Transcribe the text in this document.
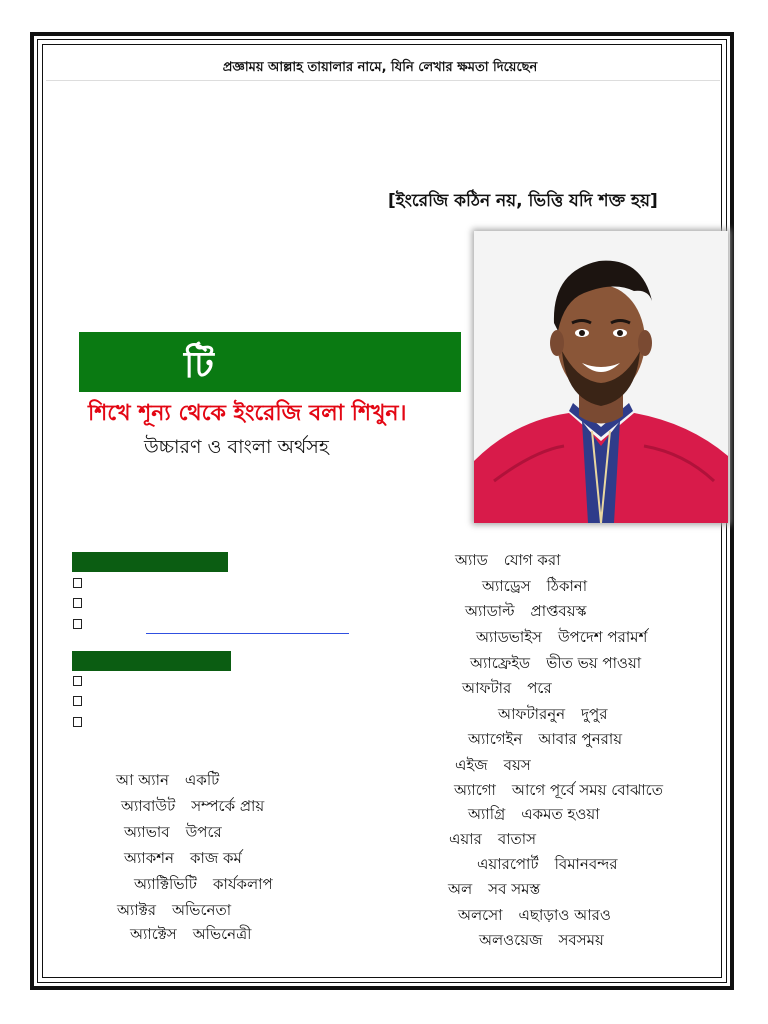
প্রজ্ঞাময় আল্লাহ তায়ালার নামে, যিনি লেখার ক্ষমতা দিয়েছেন
[ইংরেজি কঠিন নয়, ভিত্তি যদি শক্ত হয়]
টি
শিখে শূন্য থেকে ইংরেজি বলা শিখুন।
উচ্চারণ ও বাংলা অর্থসহ
আ অ্যান একটি
অ্যাবাউট সম্পর্কে প্রায়
অ্যাভাব উপরে
অ্যাকশন কাজ কর্ম
অ্যাক্টিভিটি কার্যকলাপ
অ্যাক্টর অভিনেতা
অ্যাক্টেস অভিনেত্রী
অ্যাড যোগ করা
অ্যাড্রেস ঠিকানা
অ্যাডাল্ট প্রাপ্তবয়স্ক
অ্যাডভাইস উপদেশ পরামর্শ
অ্যাফ্রেইড ভীত ভয় পাওয়া
আফটার পরে
আফটারনুন দুপুর
অ্যাগেইন আবার পুনরায়
এইজ বয়স
অ্যাগো আগে পূর্বে সময় বোঝাতে
অ্যাগ্রি একমত হওয়া
এয়ার বাতাস
এয়ারপোর্ট বিমানবন্দর
অল সব সমস্ত
অলসো এছাড়াও আরও
অলওয়েজ সবসময়
